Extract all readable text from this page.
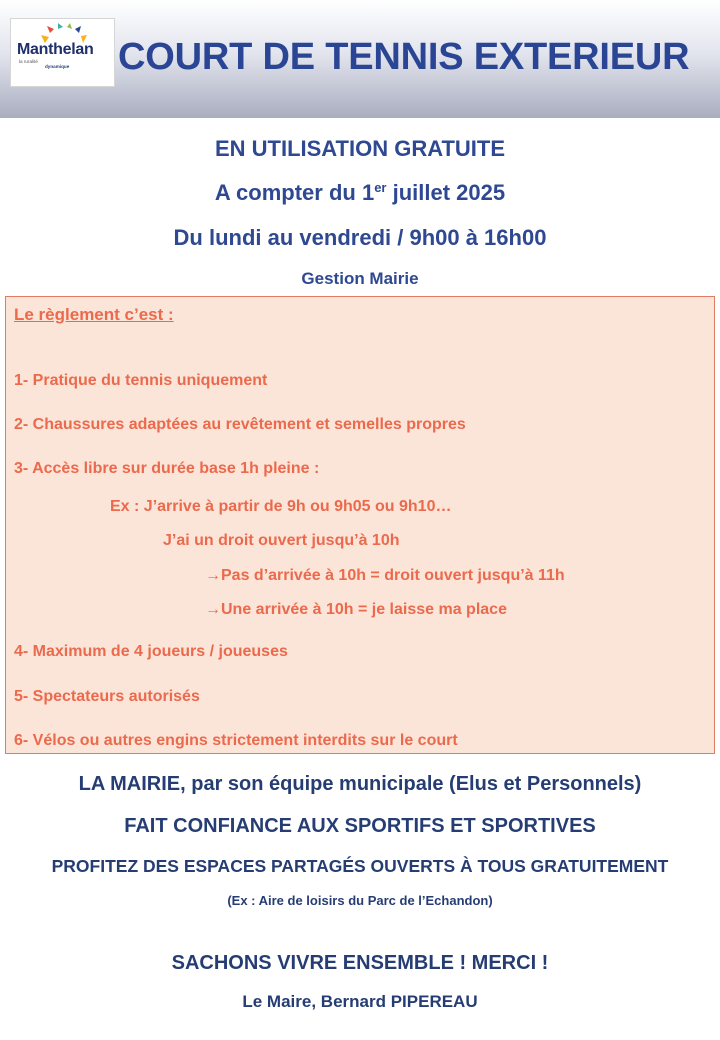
Manthelan
la ruralité
dynamique COURT DE TENNIS EXTERIEUR
EN UTILISATION GRATUITE
A compter du 1er juillet 2025
Du lundi au vendredi / 9h00 à 16h00
Gestion Mairie
Le règlement c’est :
1- Pratique du tennis uniquement
2- Chaussures adaptées au revêtement et semelles propres
3- Accès libre sur durée base 1h pleine :
Ex : J’arrive à partir de 9h ou 9h05 ou 9h10…
J’ai un droit ouvert jusqu’à 10h
→Pas d’arrivée à 10h = droit ouvert jusqu’à 11h
→Une arrivée à 10h = je laisse ma place
4- Maximum de 4 joueurs / joueuses
5- Spectateurs autorisés
6- Vélos ou autres engins strictement interdits sur le court
LA MAIRIE, par son équipe municipale (Elus et Personnels)
FAIT CONFIANCE AUX SPORTIFS ET SPORTIVES
PROFITEZ DES ESPACES PARTAGÉS OUVERTS À TOUS GRATUITEMENT
(Ex : Aire de loisirs du Parc de l’Echandon)
SACHONS VIVRE ENSEMBLE ! MERCI !
Le Maire, Bernard PIPEREAU
